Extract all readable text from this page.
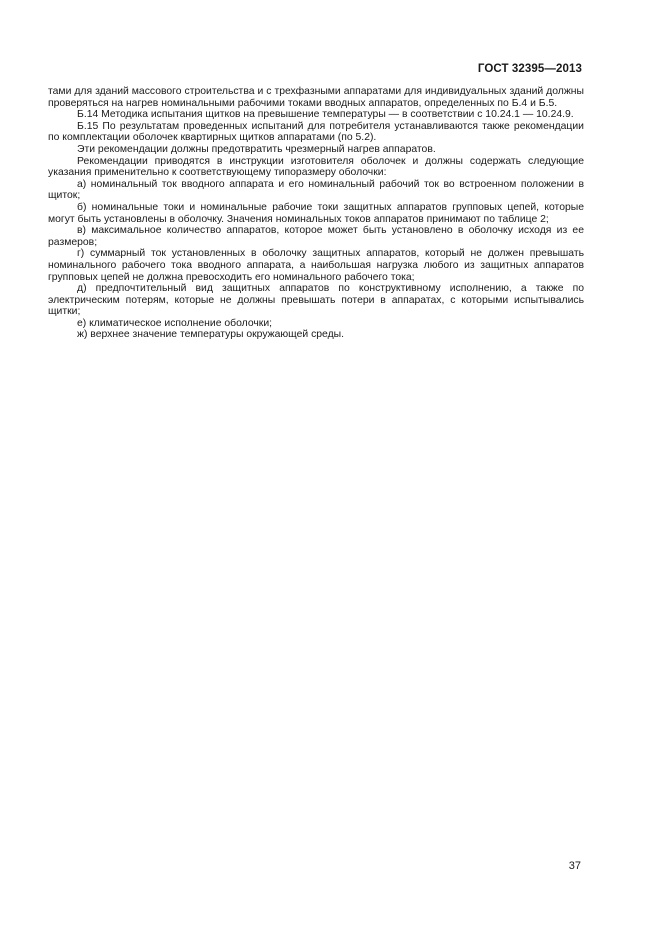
ГОСТ 32395—2013

тами для зданий массового строительства и с трехфазными аппаратами для индивидуальных зданий должны проверяться на нагрев номинальными рабочими токами вводных аппаратов, определенных по Б.4 и Б.5.

Б.14 Методика испытания щитков на превышение температуры — в соответствии с 10.24.1 — 10.24.9.

Б.15 По результатам проведенных испытаний для потребителя устанавливаются также рекомендации по комплектации оболочек квартирных щитков аппаратами (по 5.2).

Эти рекомендации должны предотвратить чрезмерный нагрев аппаратов.

Рекомендации приводятся в инструкции изготовителя оболочек и должны содержать следующие указания применительно к соответствующему типоразмеру оболочки:

а) номинальный ток вводного аппарата и его номинальный рабочий ток во встроенном положении в щиток;

б) номинальные токи и номинальные рабочие токи защитных аппаратов групповых цепей, которые могут быть установлены в оболочку. Значения номинальных токов аппаратов принимают по таблице 2;

в) максимальное количество аппаратов, которое может быть установлено в оболочку исходя из ее размеров;

г) суммарный ток установленных в оболочку защитных аппаратов, который не должен превышать номинального рабочего тока вводного аппарата, а наибольшая нагрузка любого из защитных аппаратов групповых цепей не должна превосходить его номинального рабочего тока;

д) предпочтительный вид защитных аппаратов по конструктивному исполнению, а также по электрическим потерям, которые не должны превышать потери в аппаратах, с которыми испытывались щитки;

е) климатическое исполнение оболочки;

ж) верхнее значение температуры окружающей среды.

37
